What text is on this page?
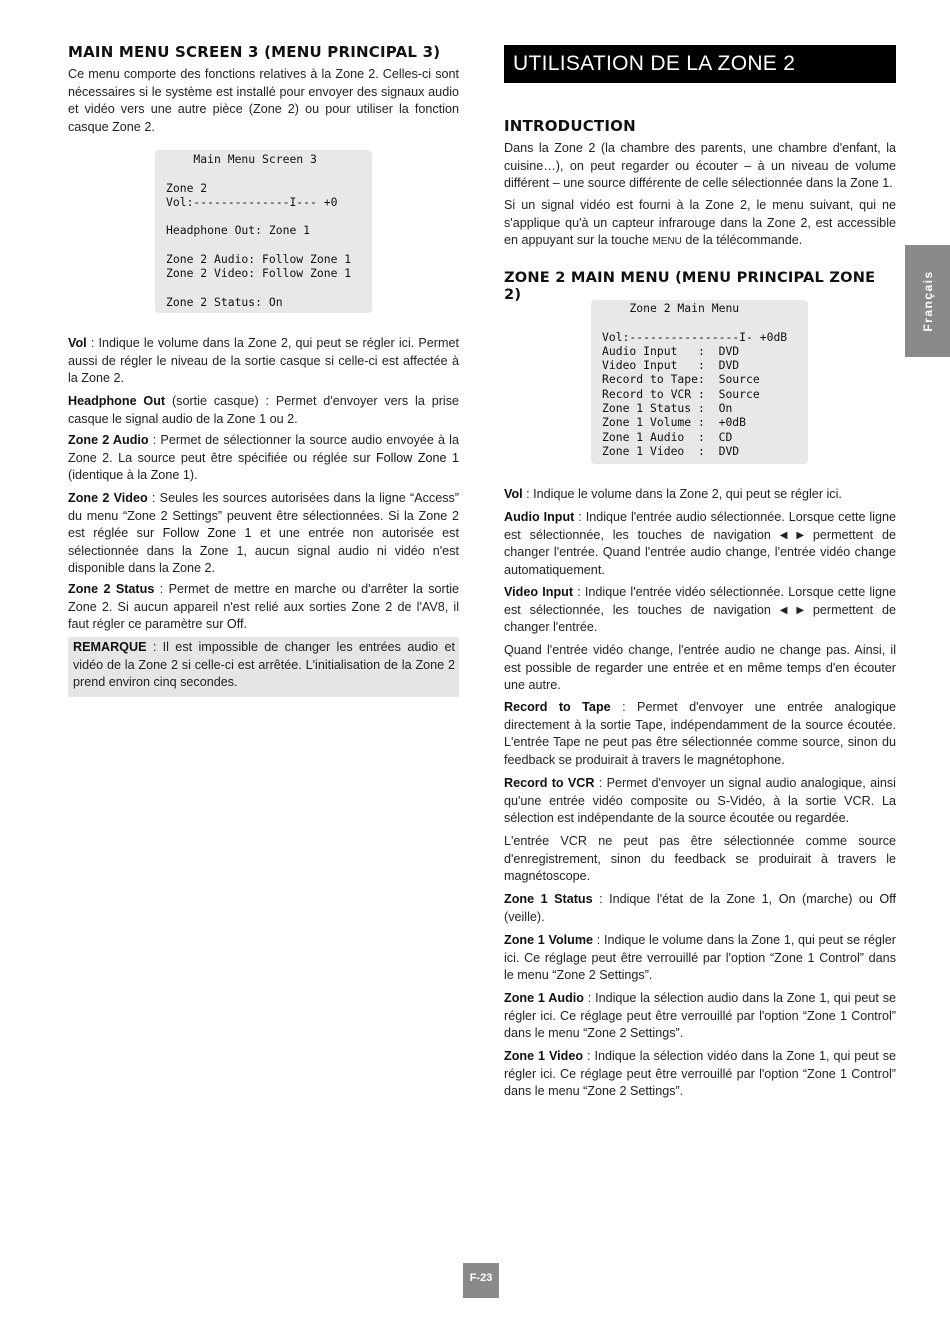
MAIN MENU SCREEN 3 (MENU PRINCIPAL 3)

Ce menu comporte des fonctions relatives à la Zone 2. Celles-ci sont nécessaires si le système est installé pour envoyer des signaux audio et vidéo vers une autre pièce (Zone 2) ou pour utiliser la fonction casque Zone 2.

Main Menu Screen 3
Zone 2
Vol:--------------I--- +0
Headphone Out: Zone 1
Zone 2 Audio: Follow Zone 1
Zone 2 Video: Follow Zone 1
Zone 2 Status: On

Vol : Indique le volume dans la Zone 2, qui peut se régler ici. Permet aussi de régler le niveau de la sortie casque si celle-ci est affectée à la Zone 2.

Headphone Out (sortie casque) : Permet d'envoyer vers la prise casque le signal audio de la Zone 1 ou 2.

Zone 2 Audio : Permet de sélectionner la source audio envoyée à la Zone 2. La source peut être spécifiée ou réglée sur Follow Zone 1 (identique à la Zone 1).

Zone 2 Video : Seules les sources autorisées dans la ligne “Access” du menu “Zone 2 Settings” peuvent être sélectionnées. Si la Zone 2 est réglée sur Follow Zone 1 et une entrée non autorisée est sélectionnée dans la Zone 1, aucun signal audio ni vidéo n'est disponible dans la Zone 2.

Zone 2 Status : Permet de mettre en marche ou d'arrêter la sortie Zone 2. Si aucun appareil n'est relié aux sorties Zone 2 de l'AV8, il faut régler ce paramètre sur Off.

REMARQUE : Il est impossible de changer les entrées audio et vidéo de la Zone 2 si celle-ci est arrêtée. L'initialisation de la Zone 2 prend environ cinq secondes.

UTILISATION DE LA ZONE 2
INTRODUCTION

Dans la Zone 2 (la chambre des parents, une chambre d'enfant, la cuisine…), on peut regarder ou écouter – à un niveau de volume différent – une source différente de celle sélectionnée dans la Zone 1.

Si un signal vidéo est fourni à la Zone 2, le menu suivant, qui ne s'applique qu'à un capteur infrarouge dans la Zone 2, est accessible en appuyant sur la touche MENU de la télécommande.

ZONE 2 MAIN MENU (MENU PRINCIPAL ZONE 2)
Zone 2 Main Menu
Vol:----------------I- +0dB
Audio Input   :  DVD
Video Input   :  DVD
Record to Tape:  Source
Record to VCR :  Source
Zone 1 Status :  On
Zone 1 Volume :  +0dB
Zone 1 Audio  :  CD
Zone 1 Video  :  DVD

Vol : Indique le volume dans la Zone 2, qui peut se régler ici.

Audio Input : Indique l'entrée audio sélectionnée. Lorsque cette ligne est sélectionnée, les touches de navigation ◀ ▶ permettent de changer l'entrée. Quand l'entrée audio change, l'entrée vidéo change automatiquement.

Video Input : Indique l'entrée vidéo sélectionnée. Lorsque cette ligne est sélectionnée, les touches de navigation ◀ ▶ permettent de changer l'entrée.

Quand l'entrée vidéo change, l'entrée audio ne change pas. Ainsi, il est possible de regarder une entrée et en même temps d'en écouter une autre.

Record to Tape : Permet d'envoyer une entrée analogique directement à la sortie Tape, indépendamment de la source écoutée. L'entrée Tape ne peut pas être sélectionnée comme source, sinon du feedback se produirait à travers le magnétophone.

Record to VCR : Permet d'envoyer un signal audio analogique, ainsi qu'une entrée vidéo composite ou S-Vidéo, à la sortie VCR. La sélection est indépendante de la source écoutée ou regardée.

L'entrée VCR ne peut pas être sélectionnée comme source d'enregistrement, sinon du feedback se produirait à travers le magnétoscope.

Zone 1 Status : Indique l'état de la Zone 1, On (marche) ou Off (veille).

Zone 1 Volume : Indique le volume dans la Zone 1, qui peut se régler ici. Ce réglage peut être verrouillé par l'option “Zone 1 Control” dans le menu “Zone 2 Settings”.

Zone 1 Audio : Indique la sélection audio dans la Zone 1, qui peut se régler ici. Ce réglage peut être verrouillé par l'option “Zone 1 Control” dans le menu “Zone 2 Settings”.

Zone 1 Video : Indique la sélection vidéo dans la Zone 1, qui peut se régler ici. Ce réglage peut être verrouillé par l'option “Zone 1 Control” dans le menu “Zone 2 Settings”.

Français
F-23
